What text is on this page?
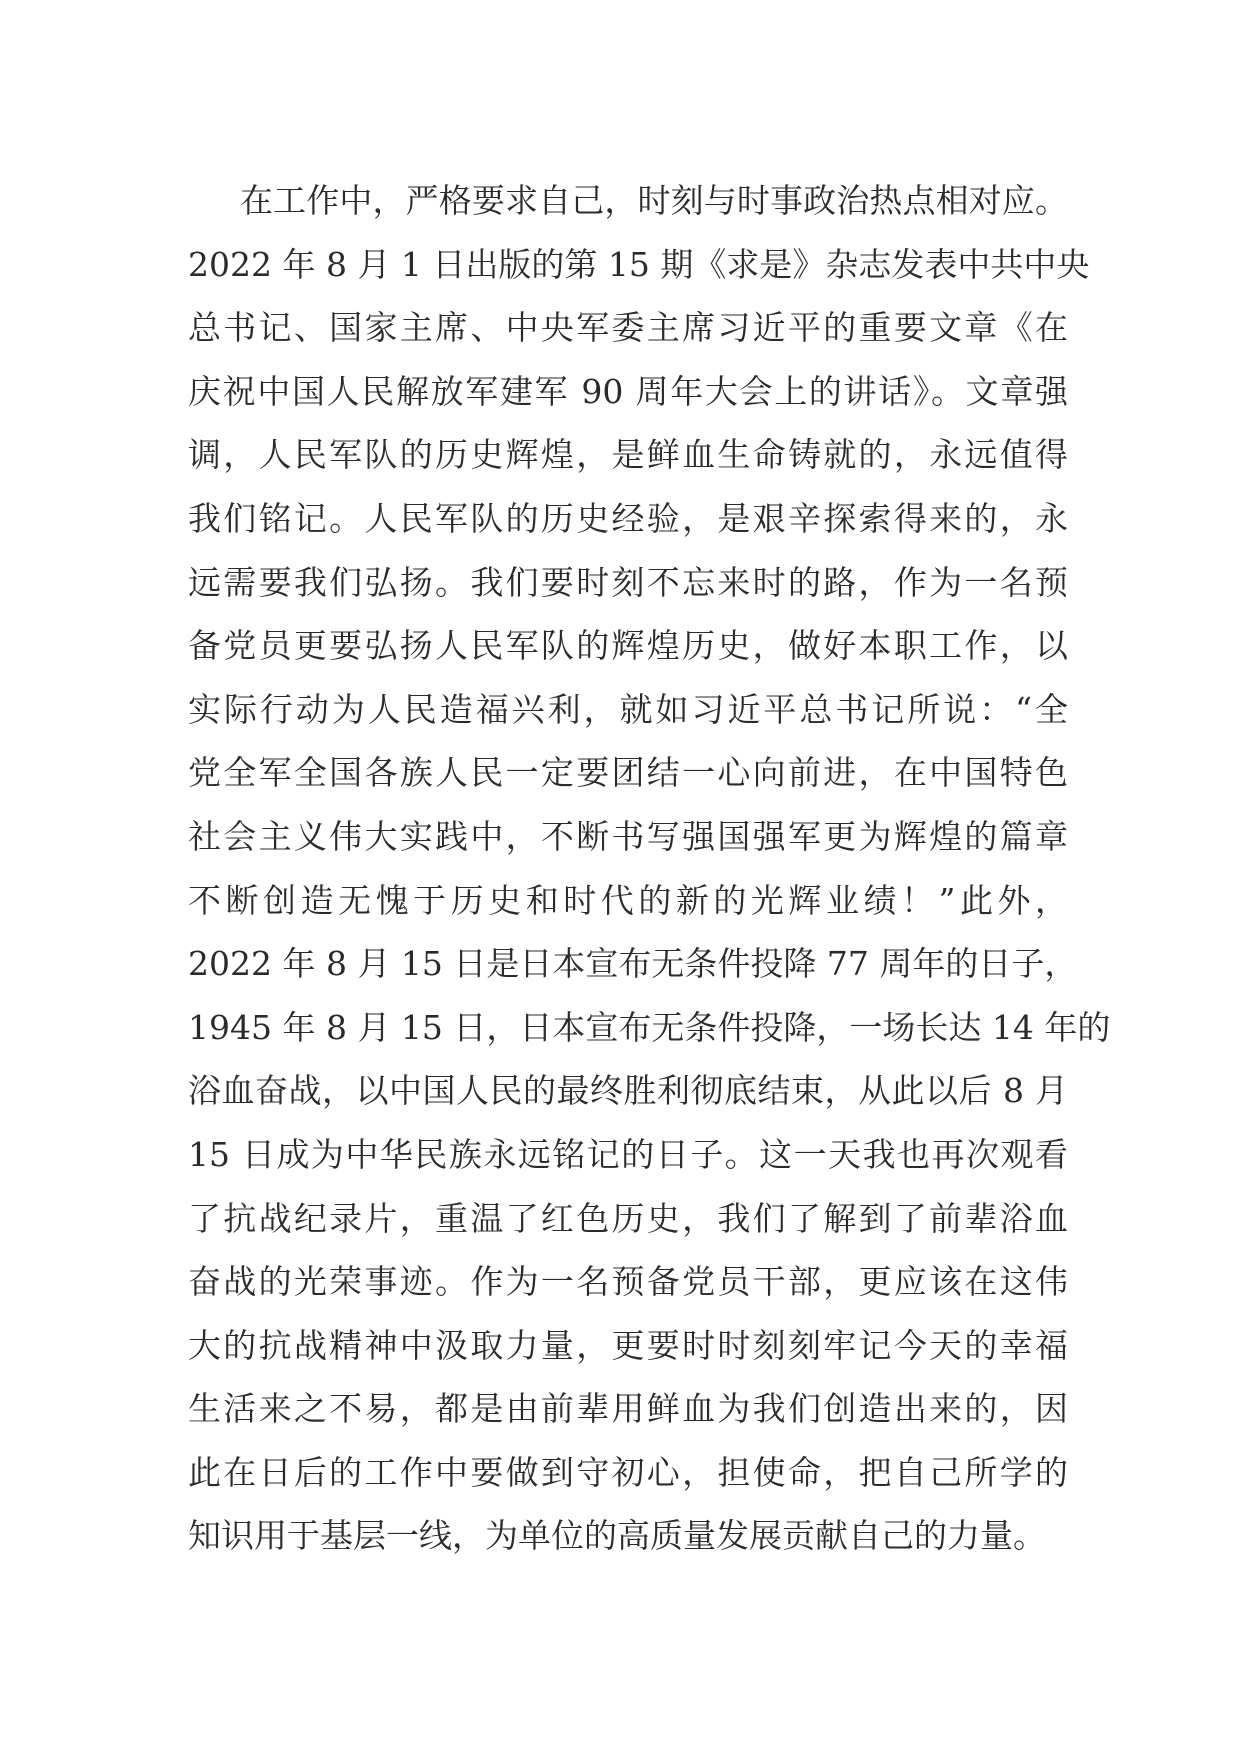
在工作中，严格要求自己，时刻与时事政治热点相对应。
2022 年 8 月 1 日出版的第 15 期《求是》杂志发表中共中央
总书记、国家主席、中央军委主席习近平的重要文章《在
庆祝中国人民解放军建军 90 周年大会上的讲话》。文章强
调，人民军队的历史辉煌，是鲜血生命铸就的，永远值得
我们铭记。人民军队的历史经验，是艰辛探索得来的，永
远需要我们弘扬。我们要时刻不忘来时的路，作为一名预
备党员更要弘扬人民军队的辉煌历史，做好本职工作，以
实际行动为人民造福兴利，就如习近平总书记所说：“全
党全军全国各族人民一定要团结一心向前进，在中国特色
社会主义伟大实践中，不断书写强国强军更为辉煌的篇章
不断创造无愧于历史和时代的新的光辉业绩！”此外，
2022 年 8 月 15 日是日本宣布无条件投降 77 周年的日子，
1945 年 8 月 15 日，日本宣布无条件投降，一场长达 14 年的
浴血奋战，以中国人民的最终胜利彻底结束，从此以后 8 月
15 日成为中华民族永远铭记的日子。这一天我也再次观看
了抗战纪录片，重温了红色历史，我们了解到了前辈浴血
奋战的光荣事迹。作为一名预备党员干部，更应该在这伟
大的抗战精神中汲取力量，更要时时刻刻牢记今天的幸福
生活来之不易，都是由前辈用鲜血为我们创造出来的，因
此在日后的工作中要做到守初心，担使命，把自己所学的
知识用于基层一线，为单位的高质量发展贡献自己的力量。
